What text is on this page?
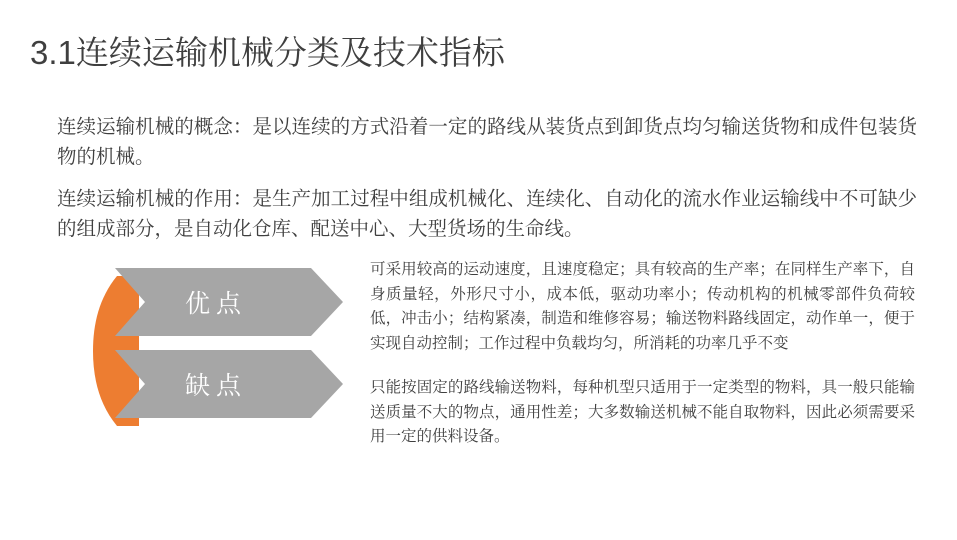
3.1连续运输机械分类及技术指标

连续运输机械的概念：是以连续的方式沿着一定的路线从装货点到卸货点均匀输送货物和成件包装货物的机械。

连续运输机械的作用：是生产加工过程中组成机械化、连续化、自动化的流水作业运输线中不可缺少的组成部分，是自动化仓库、配送中心、大型货场的生命线。

优点
缺点

可采用较高的运动速度，且速度稳定；具有较高的生产率；在同样生产率下，自身质量轻，外形尺寸小，成本低，驱动功率小；传动机构的机械零部件负荷较低，冲击小；结构紧凑，制造和维修容易；输送物料路线固定，动作单一，便于实现自动控制；工作过程中负载均匀，所消耗的功率几乎不变

只能按固定的路线输送物料，每种机型只适用于一定类型的物料，具一般只能输送质量不大的物点，通用性差；大多数输送机械不能自取物料，因此必须需要采用一定的供料设备。
